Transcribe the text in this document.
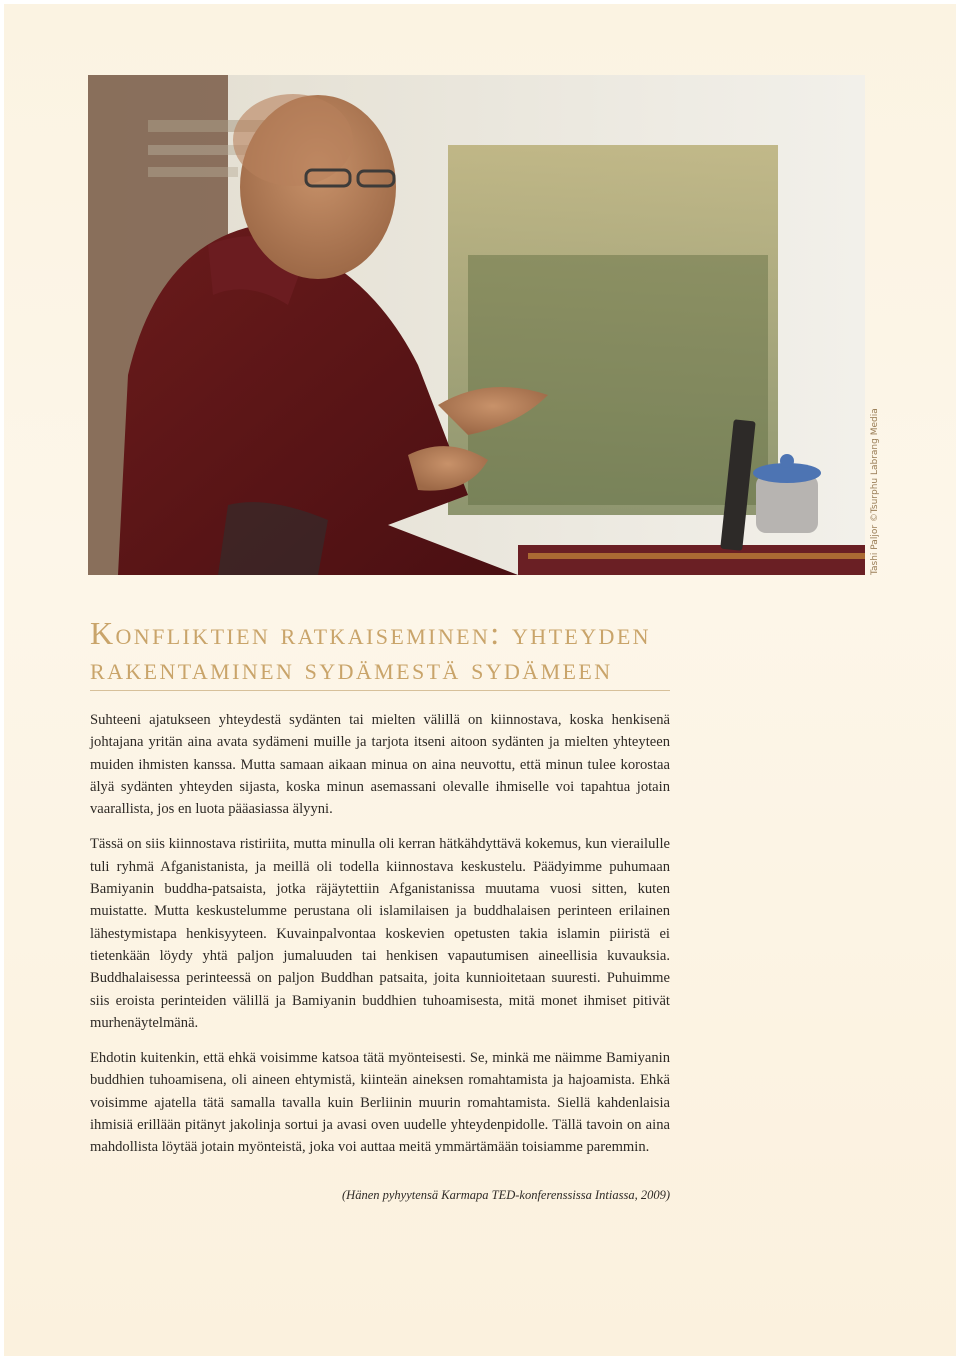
Tashi Paljor ©Tsurphu Labrang Media
Konfliktien ratkaiseminen: yhteyden rakentaminen sydämestä sydämeen

Suhteeni ajatukseen yhteydestä sydänten tai mielten välillä on kiinnostava, koska henkisenä johtajana yritän aina avata sydämeni muille ja tarjota itseni aitoon sydänten ja mielten yhteyteen muiden ihmisten kanssa. Mutta samaan aikaan minua on aina neuvottu, että minun tulee korostaa älyä sydänten yhteyden sijasta, koska minun asemassani olevalle ihmiselle voi tapahtua jotain vaarallista, jos en luota pääasiassa älyyni.

Tässä on siis kiinnostava ristiriita, mutta minulla oli kerran hätkähdyttävä kokemus, kun vierailulle tuli ryhmä Afganistanista, ja meillä oli todella kiinnostava keskustelu. Päädyimme puhumaan Bamiyanin buddha-patsaista, jotka räjäytettiin Afganistanissa muutama vuosi sitten, kuten muistatte. Mutta keskustelumme perustana oli islamilaisen ja buddhalaisen perinteen erilainen lähestymistapa henkisyyteen. Kuvainpalvontaa koskevien opetusten takia islamin piiristä ei tietenkään löydy yhtä paljon jumaluuden tai henkisen vapautumisen aineellisia kuvauksia. Buddhalaisessa perinteessä on paljon Buddhan patsaita, joita kunnioitetaan suuresti. Puhuimme siis eroista perinteiden välillä ja Bamiyanin buddhien tuhoamisesta, mitä monet ihmiset pitivät murhenäytelmänä.

Ehdotin kuitenkin, että ehkä voisimme katsoa tätä myönteisesti. Se, minkä me näimme Bamiyanin buddhien tuhoamisena, oli aineen ehtymistä, kiinteän aineksen romahtamista ja hajoamista. Ehkä voisimme ajatella tätä samalla tavalla kuin Berliinin muurin romahtamista. Siellä kahdenlaisia ihmisiä erillään pitänyt jakolinja sortui ja avasi oven uudelle yhteydenpidolle. Tällä tavoin on aina mahdollista löytää jotain myönteistä, joka voi auttaa meitä ymmärtämään toisiamme paremmin.

(Hänen pyhyytensä Karmapa TED-konferenssissa Intiassa, 2009)
